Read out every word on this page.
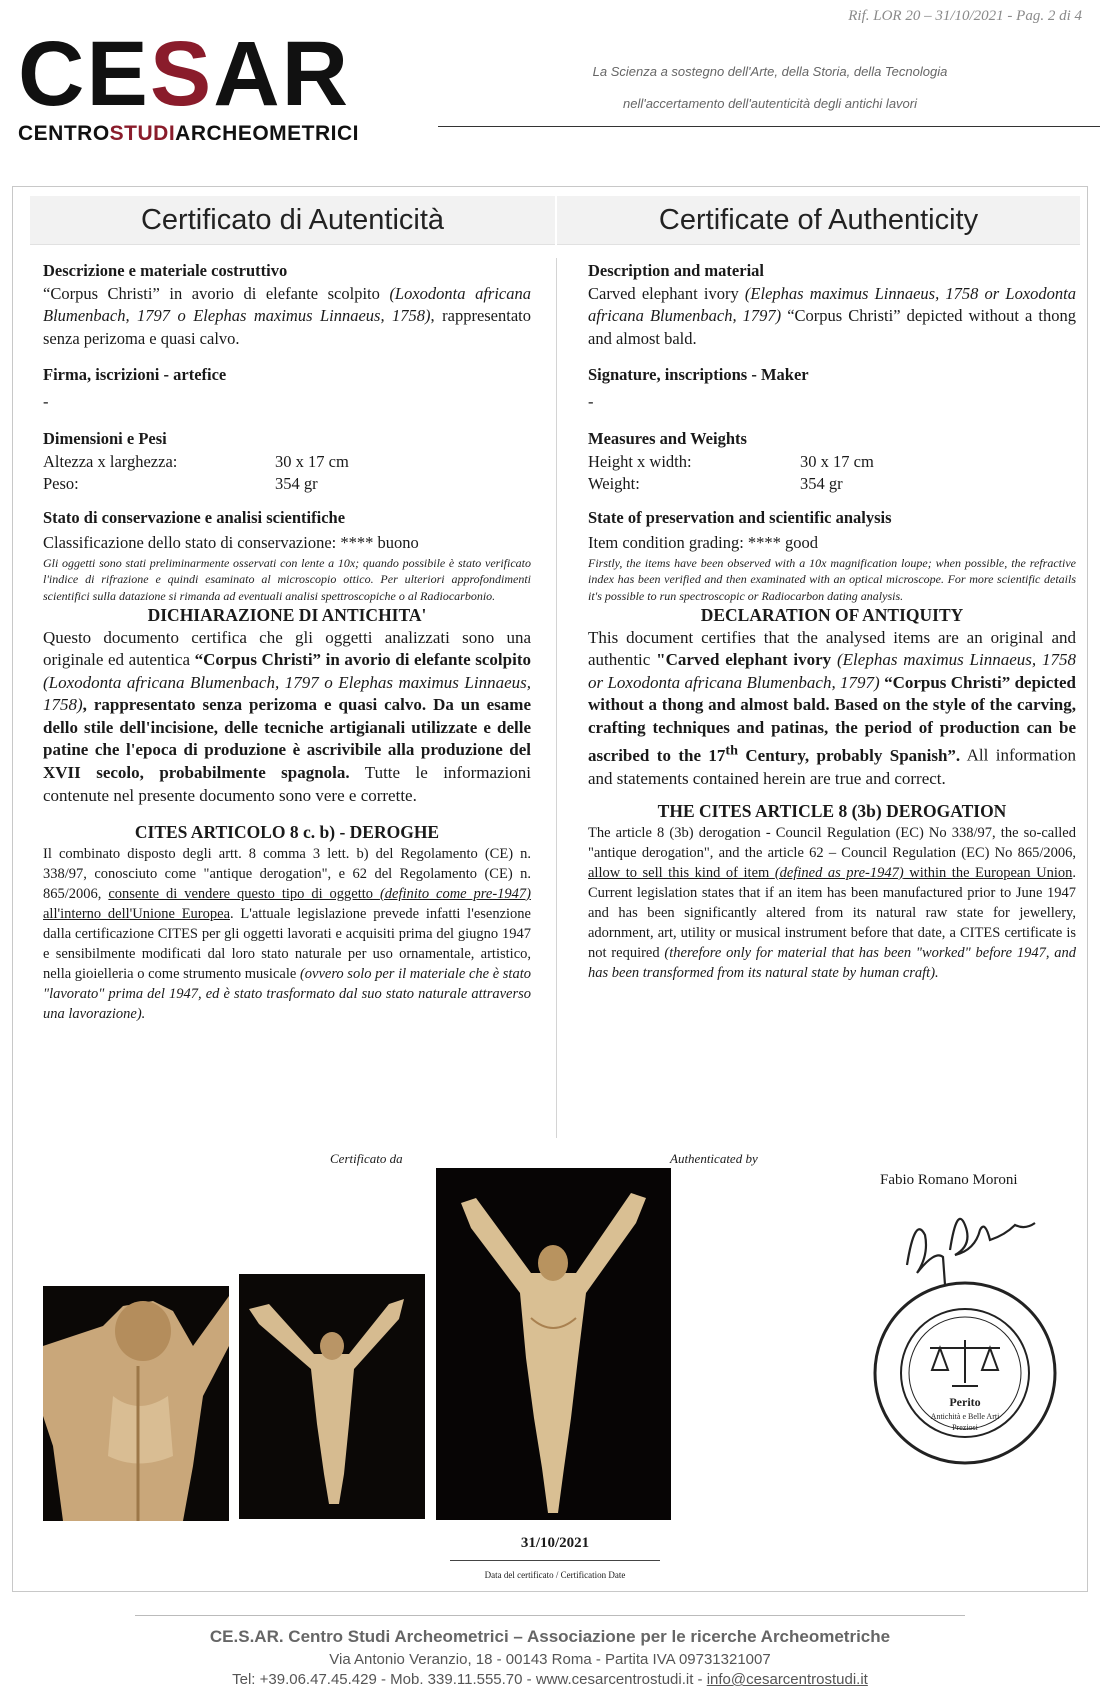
Rif. LOR 20 – 31/10/2021 - Pag. 2 di 4
CESAR
CENTROSTUDIARCHEOMETRICI
La Scienza a sostegno dell'Arte, della Storia, della Tecnologia
nell'accertamento dell'autenticità degli antichi lavori
Certificato di Autenticità	Certificate of Authenticity

Descrizione e materiale costruttivo

“Corpus Christi” in avorio di elefante scolpito (Loxodonta africana Blumenbach, 1797 o Elephas maximus Linnaeus, 1758), rappresentato senza perizoma e quasi calvo.

Firma, iscrizioni - artefice

-

Dimensioni e Pesi

Altezza x larghezza:	30 x 17 cm
Peso:	354 gr

Stato di conservazione e analisi scientifiche

Classificazione dello stato di conservazione: **** buono

Gli oggetti sono stati preliminarmente osservati con lente a 10x; quando possibile è stato verificato l'indice di rifrazione e quindi esaminato al microscopio ottico. Per ulteriori approfondimenti scientifici sulla datazione si rimanda ad eventuali analisi spettroscopiche o al Radiocarbonio.

DICHIARAZIONE DI ANTICHITA'

Questo documento certifica che gli oggetti analizzati sono una originale ed autentica “Corpus Christi” in avorio di elefante scolpito (Loxodonta africana Blumenbach, 1797 o Elephas maximus Linnaeus, 1758), rappresentato senza perizoma e quasi calvo. Da un esame dello stile dell'incisione, delle tecniche artigianali utilizzate e delle patine che l'epoca di produzione è ascrivibile alla produzione del XVII secolo, probabilmente spagnola. Tutte le informazioni contenute nel presente documento sono vere e corrette.

CITES ARTICOLO 8 c. b) - DEROGHE

Il combinato disposto degli artt. 8 comma 3 lett. b) del Regolamento (CE) n. 338/97, conosciuto come "antique derogation", e 62 del Regolamento (CE) n. 865/2006, consente di vendere questo tipo di oggetto (definito come pre-1947) all'interno dell'Unione Europea. L'attuale legislazione prevede infatti l'esenzione dalla certificazione CITES per gli oggetti lavorati e acquisiti prima del giugno 1947 e sensibilmente modificati dal loro stato naturale per uso ornamentale, artistico, nella gioielleria o come strumento musicale (ovvero solo per il materiale che è stato "lavorato" prima del 1947, ed è stato trasformato dal suo stato naturale attraverso una lavorazione).

Description and material

Carved elephant ivory (Elephas maximus Linnaeus, 1758 or Loxodonta africana Blumenbach, 1797) “Corpus Christi” depicted without a thong and almost bald.

Signature, inscriptions - Maker

-

Measures and Weights

Height x width:	30 x 17 cm
Weight:	354 gr

State of preservation and scientific analysis

Item condition grading: **** good

Firstly, the items have been observed with a 10x magnification loupe; when possible, the refractive index has been verified and then examinated with an optical microscope. For more scientific details it's possible to run spectroscopic or Radiocarbon dating analysis.

DECLARATION OF ANTIQUITY

This document certifies that the analysed items are an original and authentic "Carved elephant ivory (Elephas maximus Linnaeus, 1758 or Loxodonta africana Blumenbach, 1797) “Corpus Christi” depicted without a thong and almost bald. Based on the style of the carving, crafting techniques and patinas, the period of production can be ascribed to the 17th Century, probably Spanish”. All information and statements contained herein are true and correct.

THE CITES ARTICLE 8 (3b) DEROGATION

The article 8 (3b) derogation - Council Regulation (EC) No 338/97, the so-called "antique derogation", and the article 62 – Council Regulation (EC) No 865/2006, allow to sell this kind of item (defined as pre-1947) within the European Union. Current legislation states that if an item has been manufactured prior to June 1947 and has been significantly altered from its natural raw state for jewellery, adornment, art, utility or musical instrument before that date, a CITES certificate is not required (therefore only for material that has been "worked" before 1947, and has been transformed from its natural state by human craft).

Certificato da	Authenticated by
Fabio Romano Moroni
Perito
Antichità e Belle Arti
Preziosi
31/10/2021
Data del certificato / Certification Date
CE.S.AR. Centro Studi Archeometrici – Associazione per le ricerche Archeometriche
Via Antonio Veranzio, 18 - 00143 Roma - Partita IVA 09731321007
Tel: +39.06.47.45.429 - Mob. 339.11.555.70 - www.cesarcentrostudi.it - info@cesarcentrostudi.it
